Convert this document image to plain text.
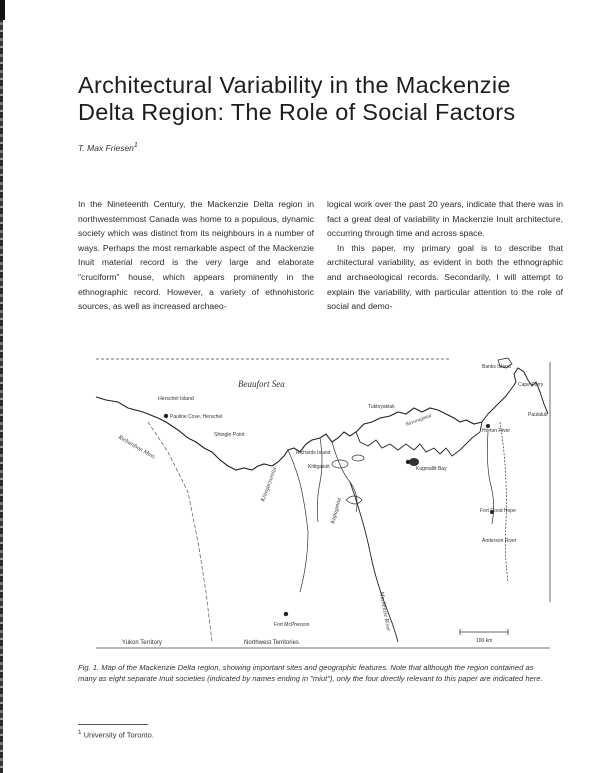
Architectural Variability in the Mackenzie
Delta Region: The Role of Social Factors
T. Max Friesen$^1$

In the Nineteenth Century, the Mackenzie Delta region in northwesternmost Canada was home to a populous, dynamic society which was distinct from its neighbours in a number of ways. Perhaps the most remarkable aspect of the Mackenzie Inuit material record is the very large and elaborate "cruciform" house, which appears prominently in the ethnographic record. However, a variety of ethnohistoric sources, as well as increased archaeo-

logical work over the past 20 years, indicate that there was in fact a great deal of variability in Mackenzie Inuit architecture, occurring through time and across space.

In this paper, my primary goal is to describe that architectural variability, as evident in both the ethnographic and archaeological records. Secondarily, I will attempt to explain the variability, with particular attention to the role of social and demo-

Beaufort Sea
Herschel Island
Pauline Cove, Herschel
Shingle Point
Richardson Mtns.
Banks Island
Cape Parry
Paulatuk
Tuktoyaktuk
Nuvorugmiut
Kugmallit Bay
Richards Island
Kittigazuit
Kittegaryumiut
Kupugmiut
Horton River
Fort Good Hope
Anderson River
Mackenzie River
Fort McPherson
Yukon Territory	Northwest Territories	100 km

Fig. 1. Map of the Mackenzie Delta region, showing important sites and geographic features. Note that although the region contained as many as eight separate Inuit societies (indicated by names ending in "miut"), only the four directly relevant to this paper are indicated here.

$^1$ University of Toronto.
